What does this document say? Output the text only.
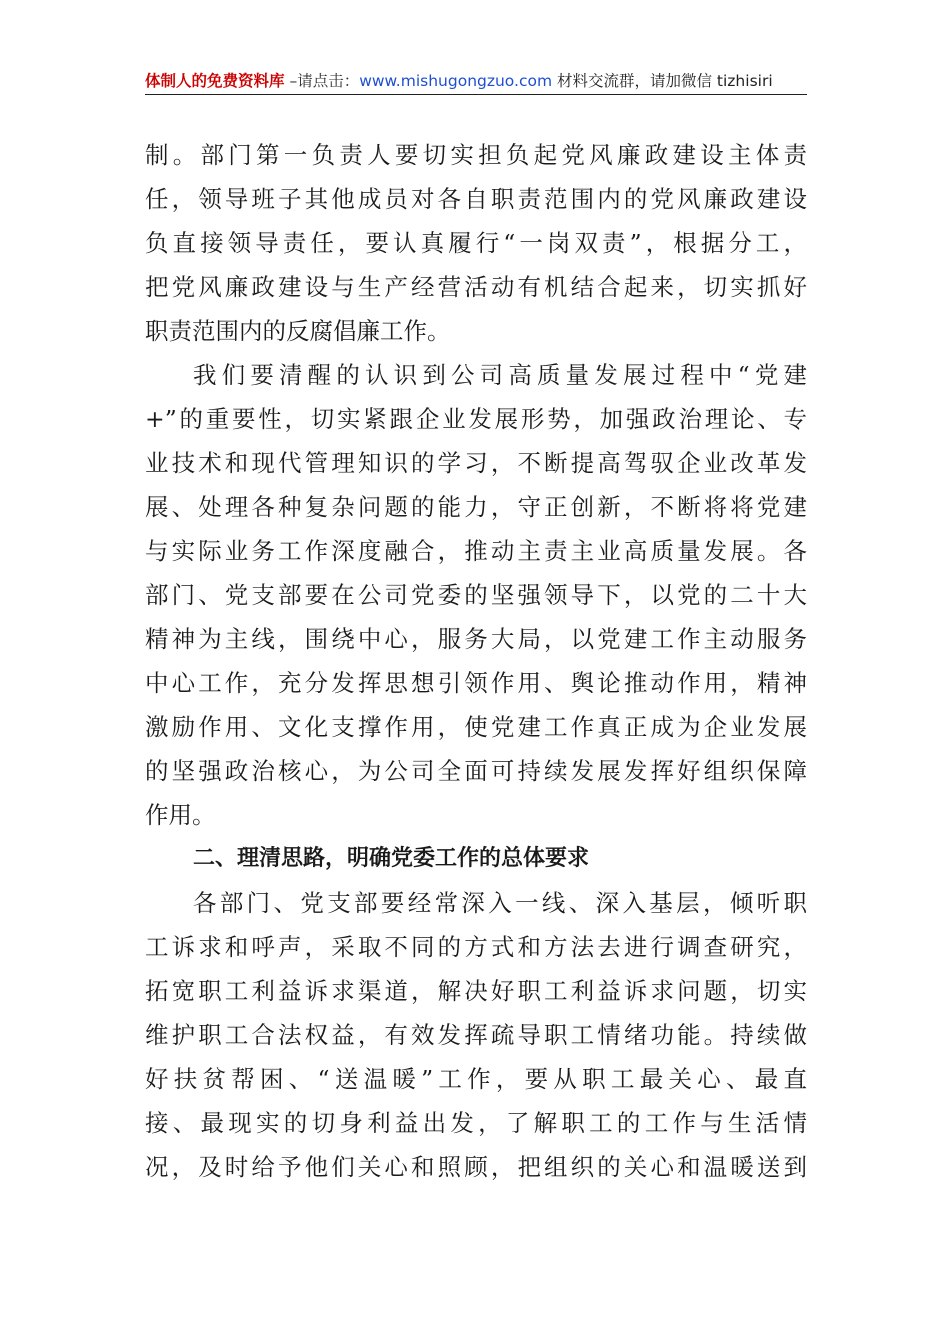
体制人的免费资料库 –请点击：www.mishugongzuo.com 材料交流群，请加微信 tizhisiri
制。部门第一负责人要切实担负起党风廉政建设主体责
任，领导班子其他成员对各自职责范围内的党风廉政建设
负直接领导责任，要认真履行“一岗双责”，根据分工，
把党风廉政建设与生产经营活动有机结合起来，切实抓好
职责范围内的反腐倡廉工作。
我们要清醒的认识到公司高质量发展过程中“党建
+”的重要性，切实紧跟企业发展形势，加强政治理论、专
业技术和现代管理知识的学习，不断提高驾驭企业改革发
展、处理各种复杂问题的能力，守正创新，不断将将党建
与实际业务工作深度融合，推动主责主业高质量发展。各
部门、党支部要在公司党委的坚强领导下，以党的二十大
精神为主线，围绕中心，服务大局，以党建工作主动服务
中心工作，充分发挥思想引领作用、舆论推动作用，精神
激励作用、文化支撑作用，使党建工作真正成为企业发展
的坚强政治核心，为公司全面可持续发展发挥好组织保障
作用。
二、理清思路，明确党委工作的总体要求
各部门、党支部要经常深入一线、深入基层，倾听职
工诉求和呼声，采取不同的方式和方法去进行调查研究，
拓宽职工利益诉求渠道，解决好职工利益诉求问题，切实
维护职工合法权益，有效发挥疏导职工情绪功能。持续做
好扶贫帮困、“送温暖”工作，要从职工最关心、最直
接、最现实的切身利益出发，了解职工的工作与生活情
况，及时给予他们关心和照顾，把组织的关心和温暖送到
